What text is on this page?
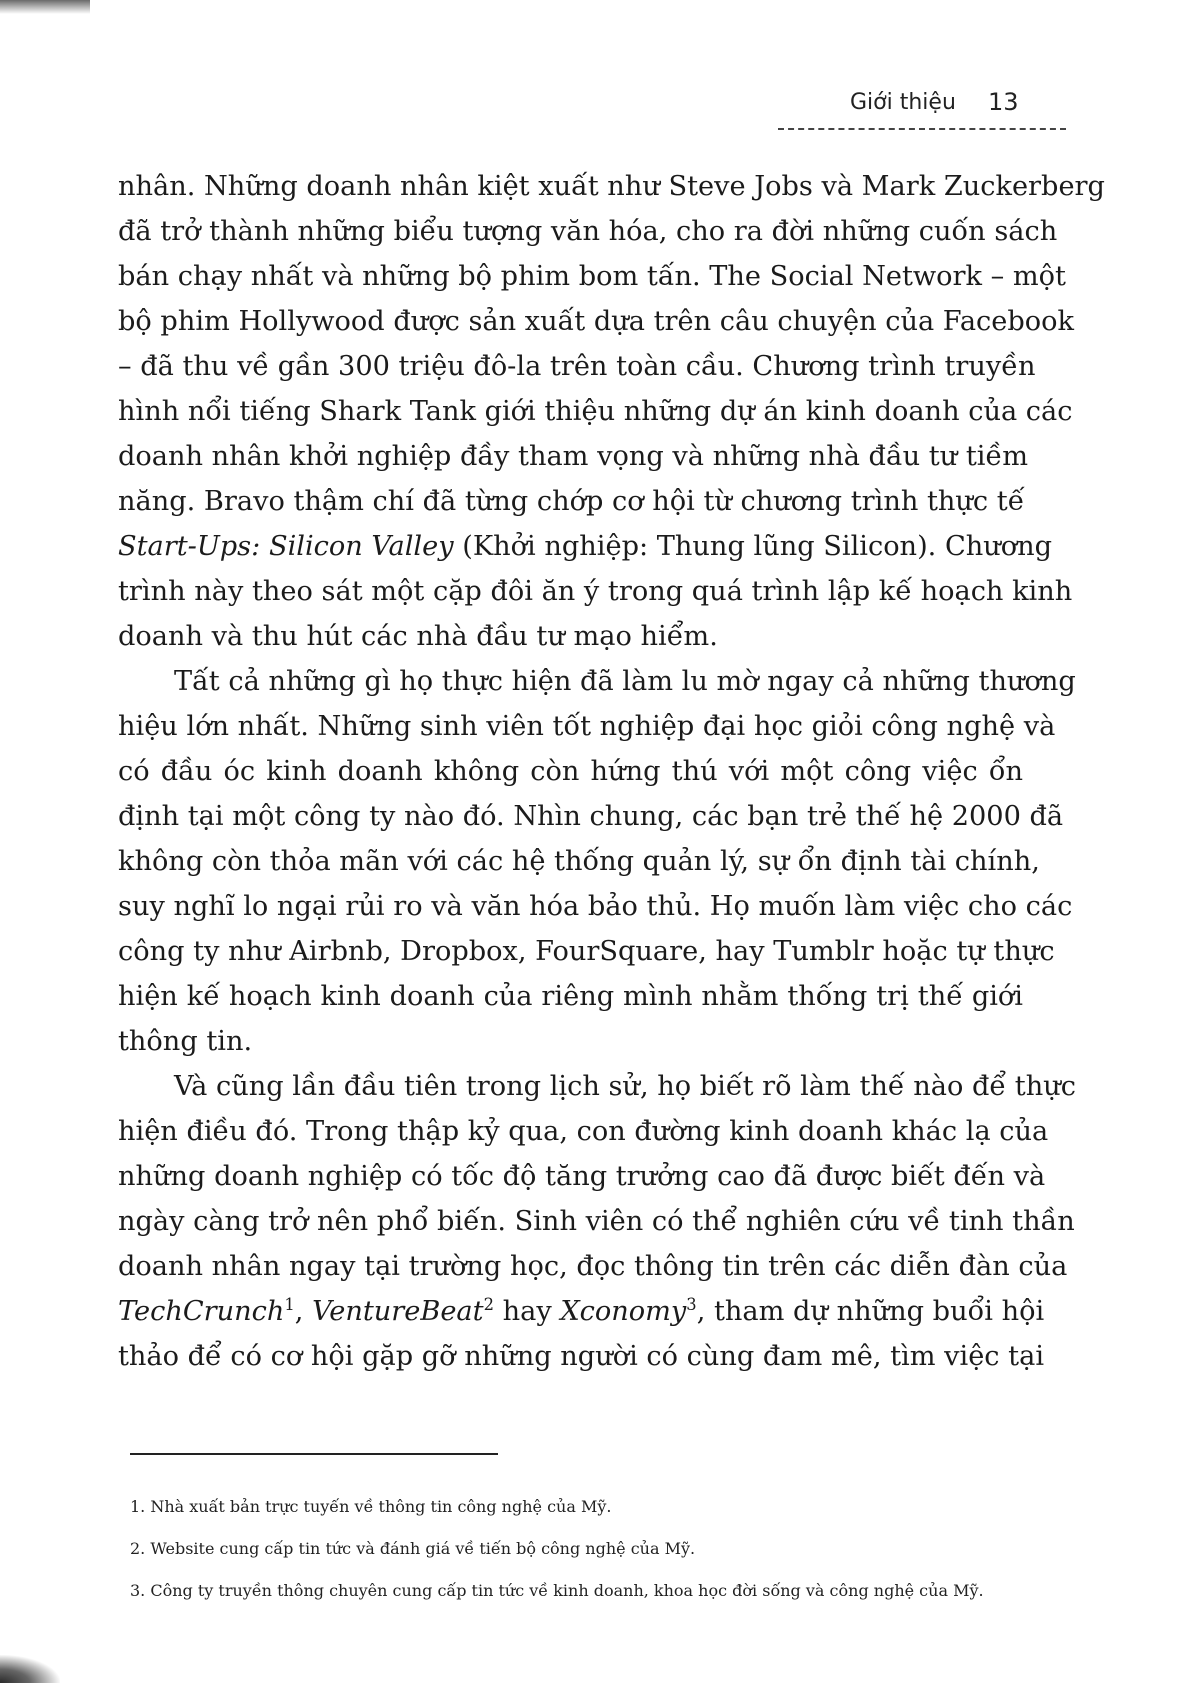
Giới thiệu 13
nhân. Những doanh nhân kiệt xuất như Steve Jobs và Mark Zuckerberg
đã trở thành những biểu tượng văn hóa, cho ra đời những cuốn sách
bán chạy nhất và những bộ phim bom tấn. The Social Network – một
bộ phim Hollywood được sản xuất dựa trên câu chuyện của Facebook
– đã thu về gần 300 triệu đô-la trên toàn cầu. Chương trình truyền
hình nổi tiếng Shark Tank giới thiệu những dự án kinh doanh của các
doanh nhân khởi nghiệp đầy tham vọng và những nhà đầu tư tiềm
năng. Bravo thậm chí đã từng chớp cơ hội từ chương trình thực tế
Start-Ups: Silicon Valley (Khởi nghiệp: Thung lũng Silicon). Chương
trình này theo sát một cặp đôi ăn ý trong quá trình lập kế hoạch kinh
doanh và thu hút các nhà đầu tư mạo hiểm.
Tất cả những gì họ thực hiện đã làm lu mờ ngay cả những thương
hiệu lớn nhất. Những sinh viên tốt nghiệp đại học giỏi công nghệ và
có đầu óc kinh doanh không còn hứng thú với một công việc ổn
định tại một công ty nào đó. Nhìn chung, các bạn trẻ thế hệ 2000 đã
không còn thỏa mãn với các hệ thống quản lý, sự ổn định tài chính,
suy nghĩ lo ngại rủi ro và văn hóa bảo thủ. Họ muốn làm việc cho các
công ty như Airbnb, Dropbox, FourSquare, hay Tumblr hoặc tự thực
hiện kế hoạch kinh doanh của riêng mình nhằm thống trị thế giới
thông tin.
Và cũng lần đầu tiên trong lịch sử, họ biết rõ làm thế nào để thực
hiện điều đó. Trong thập kỷ qua, con đường kinh doanh khác lạ của
những doanh nghiệp có tốc độ tăng trưởng cao đã được biết đến và
ngày càng trở nên phổ biến. Sinh viên có thể nghiên cứu về tinh thần
doanh nhân ngay tại trường học, đọc thông tin trên các diễn đàn của
TechCrunch$^1$, VentureBeat$^2$ hay Xconomy$^3$, tham dự những buổi hội
thảo để có cơ hội gặp gỡ những người có cùng đam mê, tìm việc tại
1. Nhà xuất bản trực tuyến về thông tin công nghệ của Mỹ.
2. Website cung cấp tin tức và đánh giá về tiến bộ công nghệ của Mỹ.
3. Công ty truyền thông chuyên cung cấp tin tức về kinh doanh, khoa học đời sống và công nghệ của Mỹ.
